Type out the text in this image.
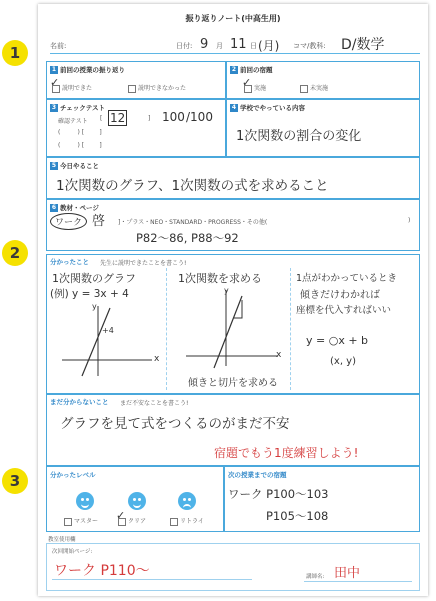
1
2
3
振り返りノート(中高生用)
名前:	日付: 9 月 11 日 (月) コマ/教科: D/数学
1 前回の授業の振り返り
説明できた
✓	説明できなかった
2 前回の宿題
実施
✓	未実施
3 チェックテスト
確認テスト [ 12	] 100 /100
(         ) [        ]
(         ) [        ]
4 学校でやっている内容
1次関数の割合の変化
5 今日やること
1次関数のグラフ、1次関数の式を求めること
6 教材・ページ
ワーク 啓 ]・プラス・NEO・STANDARD・PROGRESS・その他(	)
P82〜86, P88〜92
分かったこと 先生に説明できたことを書こう!
1次関数のグラフ
(例) y = 3x + 4
y
x
+4
1次関数を求める
y
x
傾きと切片を求める
1点がわかっているとき
傾きだけわかれば
座標を代入すればいい
y = ○x + b
(x, y)
まだ分からないこと まだ不安なことを書こう!
グラフを見て式をつくるのがまだ不安
宿題でもう1度練習しよう!
分かったレベル
マスター	クリア
✓	リトライ
次の授業までの宿題
ワーク P100〜103
P105〜108
教室使用欄
次回開始ページ:
ワーク P110〜	講師名: 田中
